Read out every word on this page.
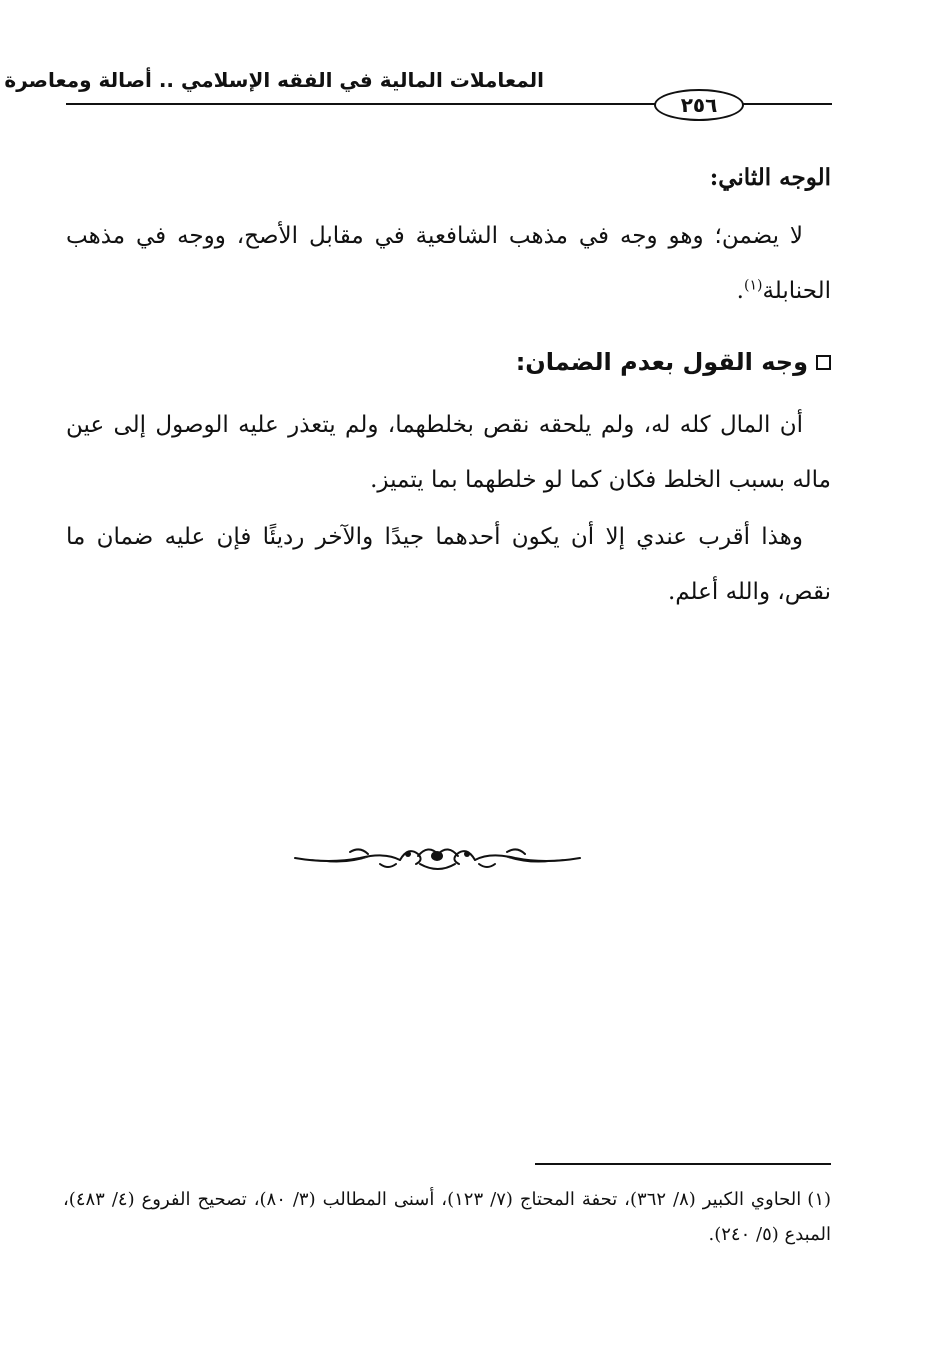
المعاملات المالية في الفقه الإسلامي .. أصالة ومعاصرة
٢٥٦

الوجه الثاني:

لا يضمن؛ وهو وجه في مذهب الشافعية في مقابل الأصح، ووجه في مذهب الحنابلة$^{(١)}$.

وجه القول بعدم الضمان:

أن المال كله له، ولم يلحقه نقص بخلطهما، ولم يتعذر عليه الوصول إلى عين ماله بسبب الخلط فكان كما لو خلطهما بما يتميز.

وهذا أقرب عندي إلا أن يكون أحدهما جيدًا والآخر رديئًا فإن عليه ضمان ما نقص، والله أعلم.

(١)الحاوي الكبير (٨/ ٣٦٢)، تحفة المحتاج (٧/ ١٢٣)، أسنى المطالب (٣/ ٨٠)، تصحيح الفروع (٤/ ٤٨٣)، المبدع (٥/ ٢٤٠).
